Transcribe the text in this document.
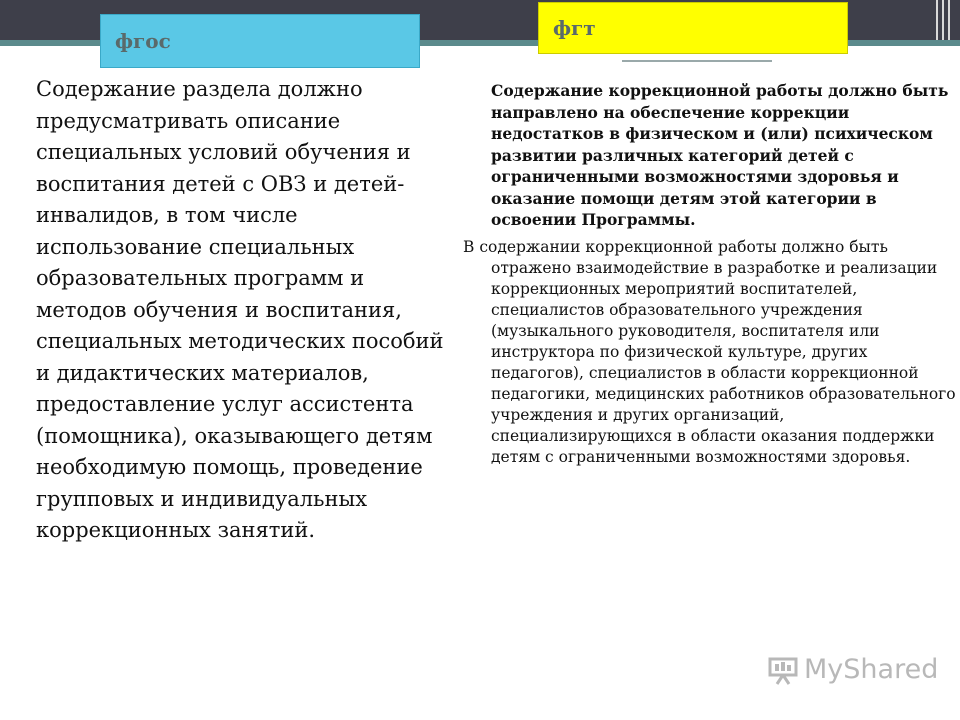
фгос
фгт

Содержание раздела должно предусматривать описание специальных условий обучения и воспитания детей с ОВЗ и детей-инвалидов, в том числе использование специальных образовательных программ и методов обучения и воспитания, специальных методических пособий и дидактических материалов, предоставление услуг ассистента (помощника), оказывающего детям необходимую помощь, проведение групповых и индивидуальных коррекционных занятий.

Содержание коррекционной работы должно быть направлено на обеспечение коррекции недостатков в физическом и (или) психическом развитии различных категорий детей с ограниченными возможностями здоровья и оказание помощи детям этой категории в освоении Программы.

В содержании коррекционной работы должно быть отражено взаимодействие в разработке и реализации коррекционных мероприятий воспитателей, специалистов образовательного учреждения (музыкального руководителя, воспитателя или инструктора по физической культуре, других педагогов), специалистов в области коррекционной педагогики, медицинских работников образовательного учреждения и других организаций, специализирующихся в области оказания поддержки детям с ограниченными возможностями здоровья.

MyShared
